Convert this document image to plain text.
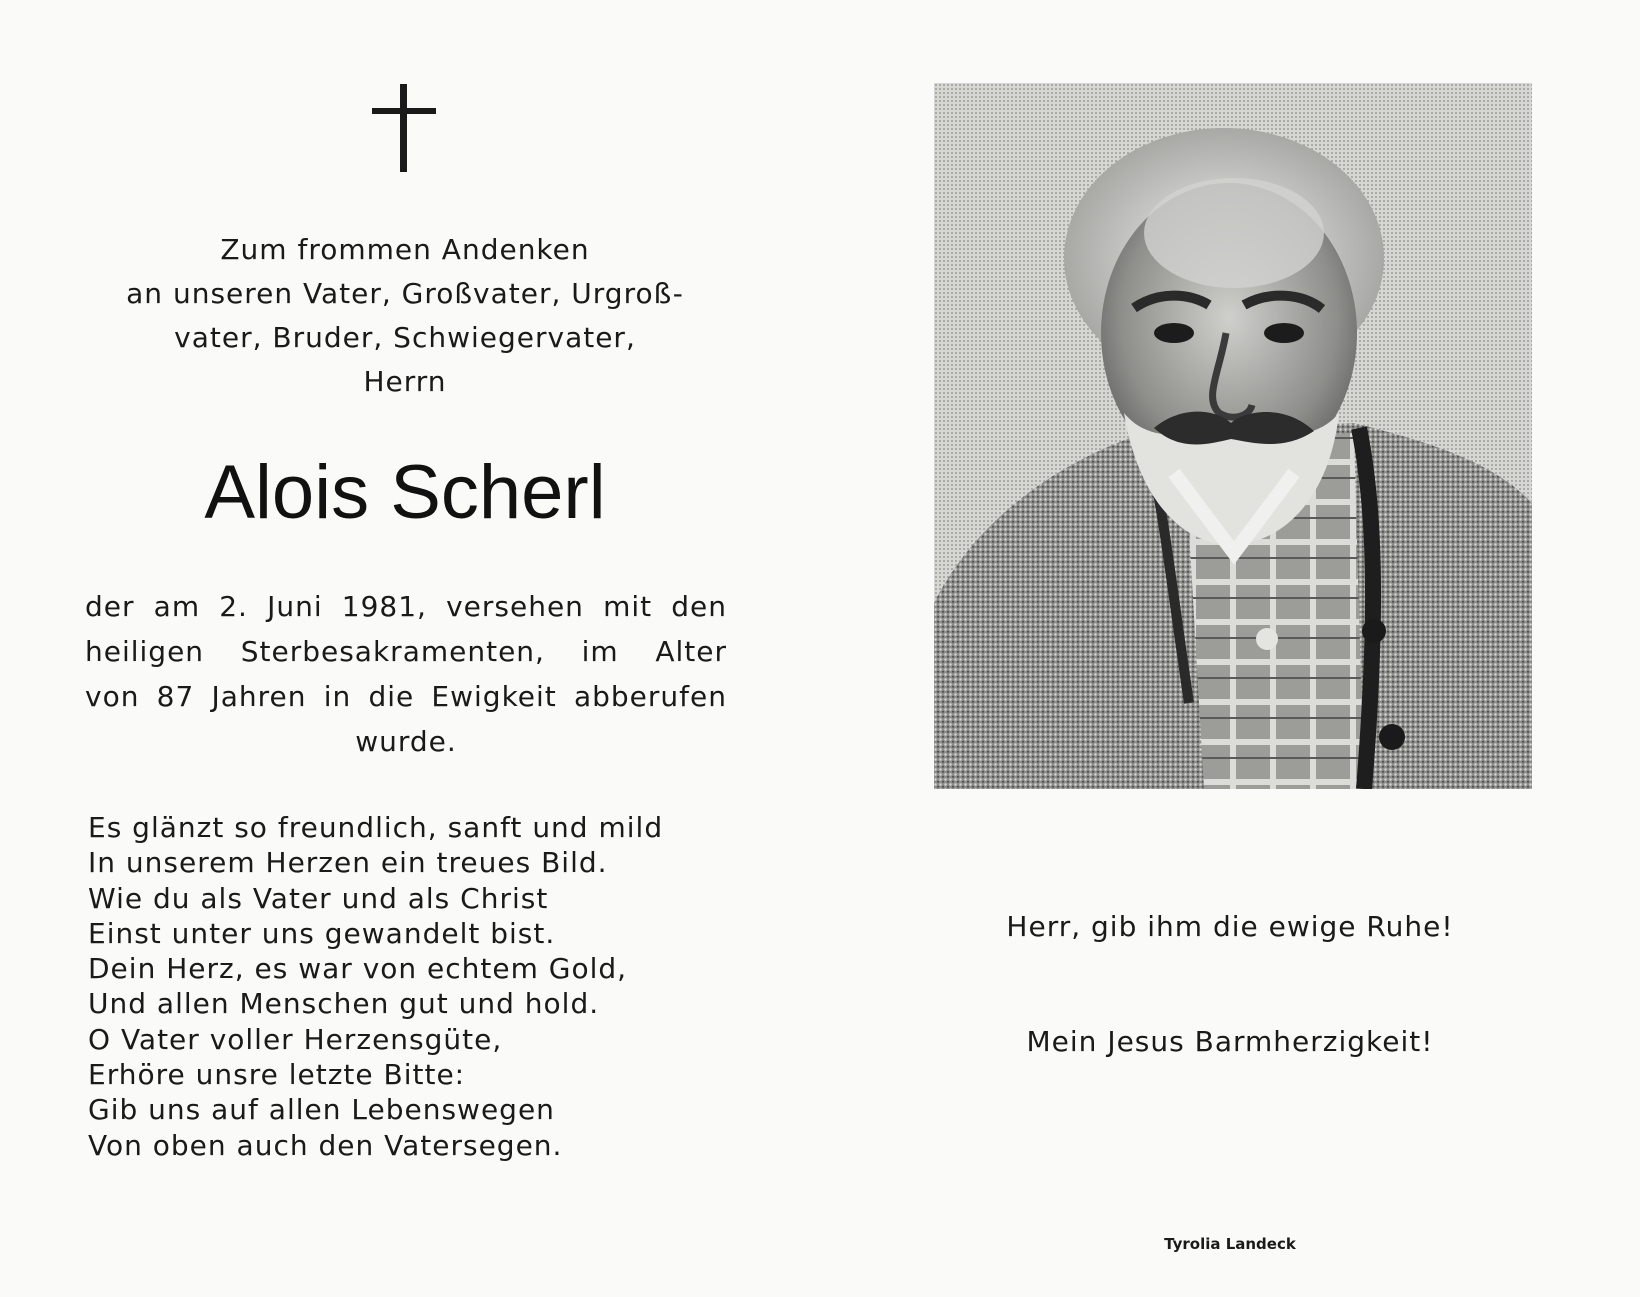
Zum frommen Andenken
an unseren Vater, Großvater, Urgroß-
vater, Bruder, Schwiegervater,
Herrn
Alois Scherl
der am 2. Juni 1981, versehen mit den
heiligen Sterbesakramenten, im Alter
von 87 Jahren in die Ewigkeit abberufen
wurde.
Es glänzt so freundlich, sanft und mild
In unserem Herzen ein treues Bild.
Wie du als Vater und als Christ
Einst unter uns gewandelt bist.
Dein Herz, es war von echtem Gold,
Und allen Menschen gut und hold.
O Vater voller Herzensgüte,
Erhöre unsre letzte Bitte:
Gib uns auf allen Lebenswegen
Von oben auch den Vatersegen.
Herr, gib ihm die ewige Ruhe!
Mein Jesus Barmherzigkeit!
Tyrolia Landeck
